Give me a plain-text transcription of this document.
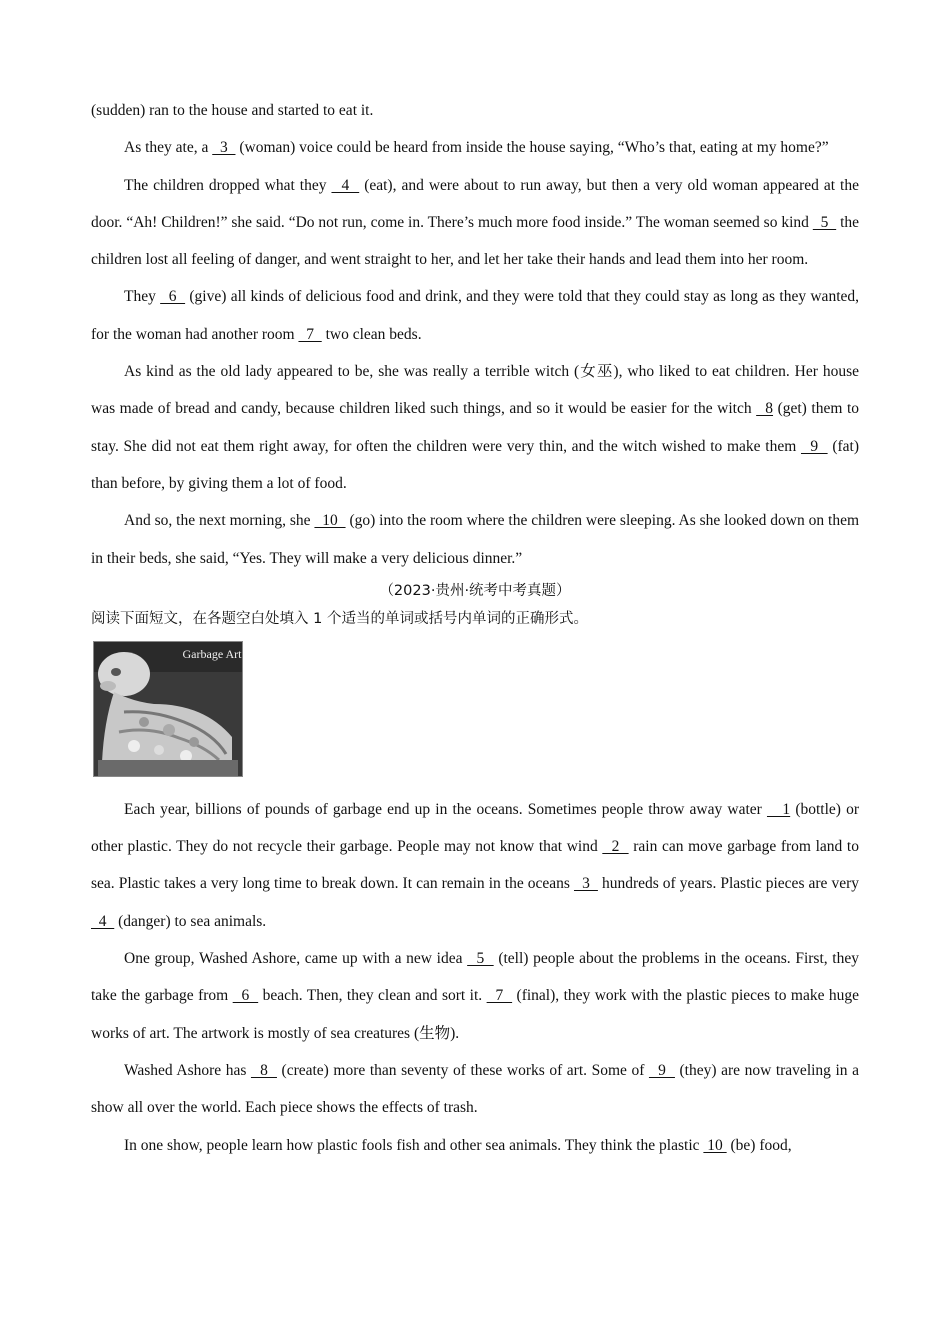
(sudden) ran to the house and started to eat it.

As they ate, a   3   (woman) voice could be heard from inside the house saying, “Who’s that, eating at my home?”

The children dropped what they   4   (eat), and were about to run away, but then a very old woman appeared at the door. “Ah! Children!” she said. “Do not run, come in. There’s much more food inside.” The woman seemed so kind   5   the children lost all feeling of danger, and went straight to her, and let her take their hands and lead them into her room.

They   6   (give) all kinds of delicious food and drink, and they were told that they could stay as long as they wanted, for the woman had another room   7   two clean beds.

As kind as the old lady appeared to be, she was really a terrible witch (女巫), who liked to eat children. Her house was made of bread and candy, because children liked such things, and so it would be easier for the witch   8 (get) them to stay. She did not eat them right away, for often the children were very thin, and the witch wished to make them   9   (fat) than before, by giving them a lot of food.

And so, the next morning, she   10   (go) into the room where the children were sleeping. As she looked down on them in their beds, she said, “Yes. They will make a very delicious dinner.”

（2023·贵州·统考中考真题）

阅读下面短文，在各题空白处填入 1 个适当的单词或括号内单词的正确形式。

Garbage Art

Each year, billions of pounds of garbage end up in the oceans. Sometimes people throw away water    1 (bottle) or other plastic. They do not recycle their garbage. People may not know that wind   2   rain can move garbage from land to sea. Plastic takes a very long time to break down. It can remain in the oceans   3   hundreds of years. Plastic pieces are very   4   (danger) to sea animals.

One group, Washed Ashore, came up with a new idea   5   (tell) people about the problems in the oceans. First, they take the garbage from   6   beach. Then, they clean and sort it.   7   (final), they work with the plastic pieces to make huge works of art. The artwork is mostly of sea creatures (生物).

Washed Ashore has   8   (create) more than seventy of these works of art. Some of   9   (they) are now traveling in a show all over the world. Each piece shows the effects of trash.

In one show, people learn how plastic fools fish and other sea animals. They think the plastic  10  (be) food,
